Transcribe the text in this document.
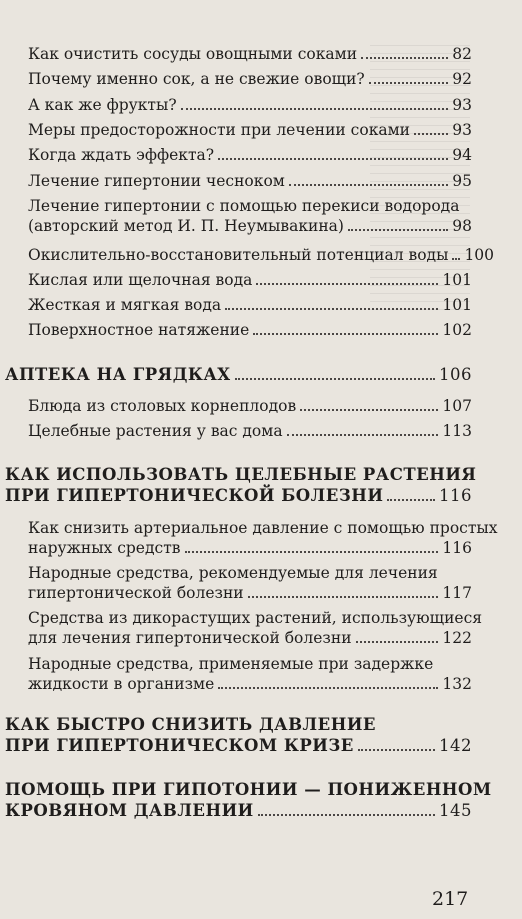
Как очистить сосуды овощными соками	82
Почему именно сок, а не свежие овощи?	92
А как же фрукты?	93
Меры предосторожности при лечении соками	93
Когда ждать эффекта?	94
Лечение гипертонии чесноком	95
Лечение гипертонии с помощью перекиси водорода
(авторский метод И. П. Неумывакина)	98
Окислительно-восстановительный потенциал воды 100
Кислая или щелочная вода	101
Жесткая и мягкая вода	101
Поверхностное натяжение	102
АПТЕКА НА ГРЯДКАХ	106
Блюда из столовых корнеплодов	107
Целебные растения у вас дома	113
КАК ИСПОЛЬЗОВАТЬ ЦЕЛЕБНЫЕ РАСТЕНИЯ
ПРИ ГИПЕРТОНИЧЕСКОЙ БОЛЕЗНИ	116
Как снизить артериальное давление с помощью простых
наружных средств	116
Народные средства, рекомендуемые для лечения
гипертонической болезни	117
Средства из дикорастущих растений, использующиеся
для лечения гипертонической болезни	122
Народные средства, применяемые при задержке
жидкости в организме	132
КАК БЫСТРО СНИЗИТЬ ДАВЛЕНИЕ
ПРИ ГИПЕРТОНИЧЕСКОМ КРИЗЕ	142
ПОМОЩЬ ПРИ ГИПОТОНИИ — ПОНИЖЕННОМ
КРОВЯНОМ ДАВЛЕНИИ	145
217
